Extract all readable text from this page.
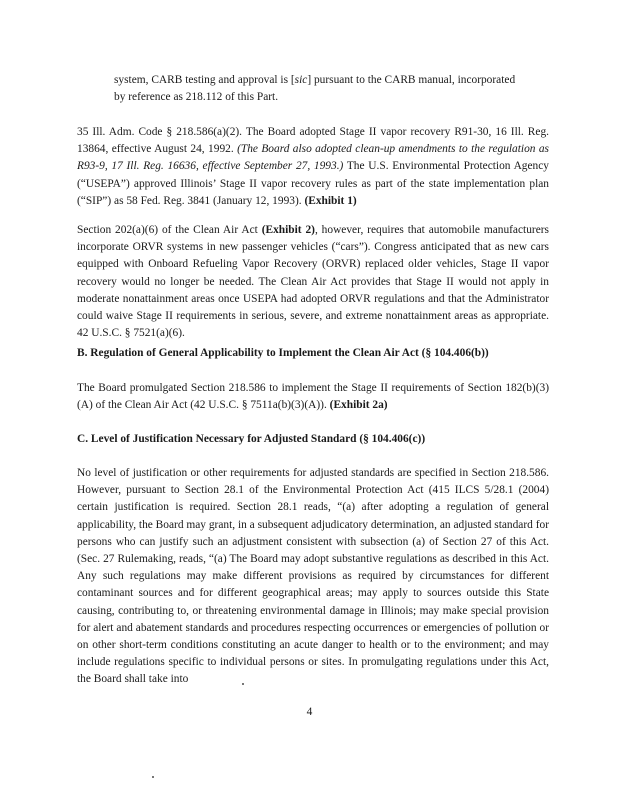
system, CARB testing and approval is [sic] pursuant to the CARB manual, incorporated by reference as 218.112 of this Part.

35 Ill. Adm. Code § 218.586(a)(2). The Board adopted Stage II vapor recovery R91-30, 16 Ill. Reg. 13864, effective August 24, 1992. (The Board also adopted clean-up amendments to the regulation as R93-9, 17 Ill. Reg. 16636, effective September 27, 1993.) The U.S. Environmental Protection Agency (“USEPA”) approved Illinois’ Stage II vapor recovery rules as part of the state implementation plan (“SIP”) as 58 Fed. Reg. 3841 (January 12, 1993). (Exhibit 1)

Section 202(a)(6) of the Clean Air Act (Exhibit 2), however, requires that automobile manufacturers incorporate ORVR systems in new passenger vehicles (“cars”). Congress anticipated that as new cars equipped with Onboard Refueling Vapor Recovery (ORVR) replaced older vehicles, Stage II vapor recovery would no longer be needed. The Clean Air Act provides that Stage II would not apply in moderate nonattainment areas once USEPA had adopted ORVR regulations and that the Administrator could waive Stage II requirements in serious, severe, and extreme nonattainment areas as appropriate. 42 U.S.C. § 7521(a)(6).

B. Regulation of General Applicability to Implement the Clean Air Act (§ 104.406(b))

The Board promulgated Section 218.586 to implement the Stage II requirements of Section 182(b)(3)(A) of the Clean Air Act (42 U.S.C. § 7511a(b)(3)(A)). (Exhibit 2a)

C. Level of Justification Necessary for Adjusted Standard (§ 104.406(c))

No level of justification or other requirements for adjusted standards are specified in Section 218.586. However, pursuant to Section 28.1 of the Environmental Protection Act (415 ILCS 5/28.1 (2004) certain justification is required. Section 28.1 reads, “(a) after adopting a regulation of general applicability, the Board may grant, in a subsequent adjudicatory determination, an adjusted standard for persons who can justify such an adjustment consistent with subsection (a) of Section 27 of this Act. (Sec. 27 Rulemaking, reads, “(a) The Board may adopt substantive regulations as described in this Act. Any such regulations may make different provisions as required by circumstances for different contaminant sources and for different geographical areas; may apply to sources outside this State causing, contributing to, or threatening environmental damage in Illinois; may make special provision for alert and abatement standards and procedures respecting occurrences or emergencies of pollution or on other short-term conditions constituting an acute danger to health or to the environment; and may include regulations specific to individual persons or sites. In promulgating regulations under this Act, the Board shall take into

4
